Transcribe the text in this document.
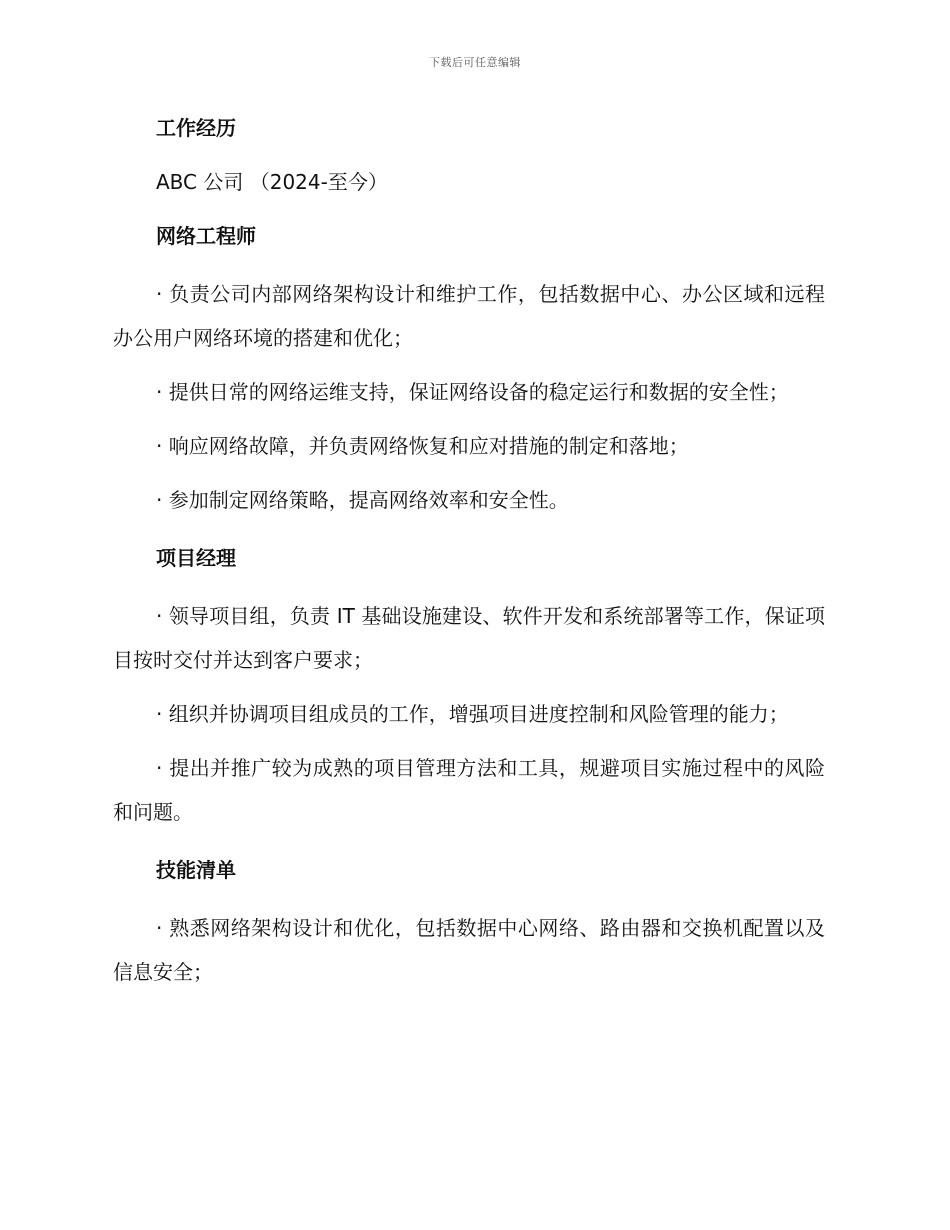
下载后可任意编辑

工作经历

ABC 公司 （2024-至今）

网络工程师

· 负责公司内部网络架构设计和维护工作，包括数据中心、办公区域和远程办公用户网络环境的搭建和优化；

· 提供日常的网络运维支持，保证网络设备的稳定运行和数据的安全性；

· 响应网络故障，并负责网络恢复和应对措施的制定和落地；

· 参加制定网络策略，提高网络效率和安全性。

项目经理

· 领导项目组，负责 IT 基础设施建设、软件开发和系统部署等工作，保证项目按时交付并达到客户要求；

· 组织并协调项目组成员的工作，增强项目进度控制和风险管理的能力；

· 提出并推广较为成熟的项目管理方法和工具，规避项目实施过程中的风险和问题。

技能清单

· 熟悉网络架构设计和优化，包括数据中心网络、路由器和交换机配置以及信息安全；
